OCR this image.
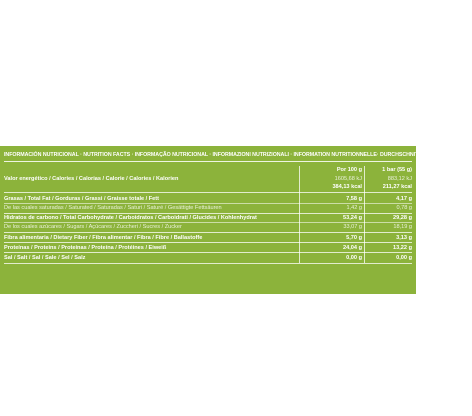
INFORMACIÓN NUTRICIONAL · NUTRITION FACTS · INFORMAÇÃO NUTRICIONAL · INFORMAZIONI NUTRIZIONALI · INFORMATION NUTRITIONNELLE· DURCHSCHNITTLICHE NÄHRWERTE
Por 100 g	1 bar (55 g)
Valor energético / Calories / Calorias / Calorie / Calories / Kalorien	1605,68 kJ	883,12 kJ
384,13 kcal	211,27 kcal
Grasas / Total Fat / Gorduras / Grassi / Graisse totale / Fett	7,58 g	4,17 g
De las cuales saturadas / Saturated / Saturadas / Saturi / Saturé / Gesättigte Fettsäuren	1,42 g	0,78 g
Hidratos de carbono / Total Carbohydrate / Carboidratos / Carboidrati / Glucides / Kohlenhydrat	53,24 g	29,28 g
De los cuales azúcares / Sugars / Açúcares / Zuccheri / Sucres / Zucker	33,07 g	18,19 g
Fibra alimentaria / Dietary Fiber / Fibra alimentar / Fibra / Fibre / Ballastoffe	5,70 g	3,13 g
Proteínas / Proteins / Proteínas / Proteína / Protéines / Eiweiß	24,04 g	13,22 g
Sal / Salt / Sal / Sale / Sel / Salz	0,00 g	0,00 g
